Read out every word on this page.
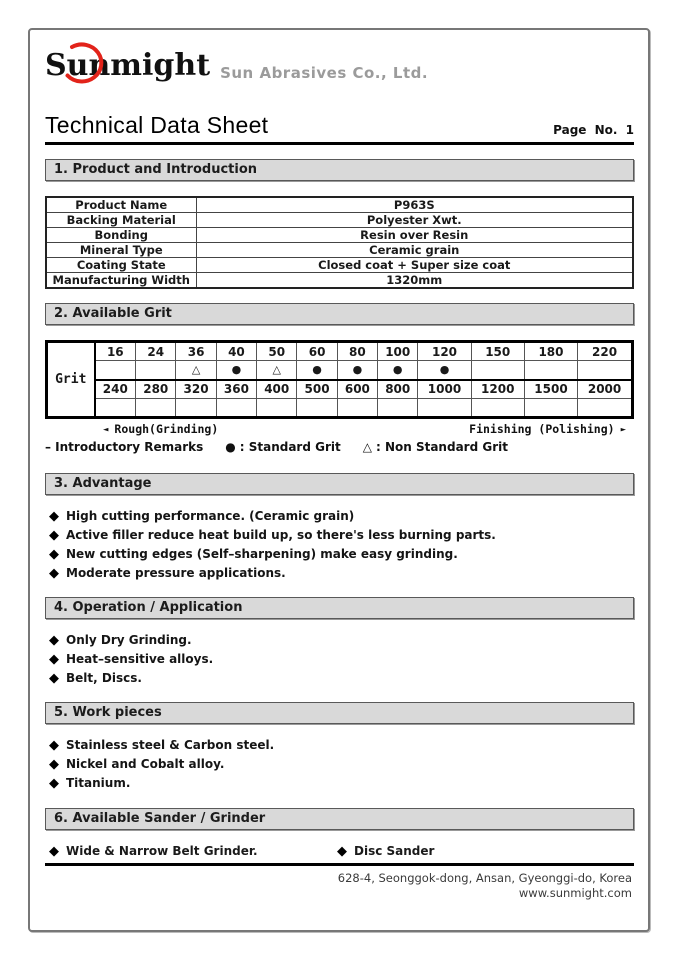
Sunmight Sun Abrasives Co., Ltd.
Technical Data Sheet	Page No. 1
1. Product and Introduction
Product Name	P963S
Backing Material	Polyester Xwt.
Bonding	Resin over Resin
Mineral Type	Ceramic grain
Coating State	Closed coat + Super size coat
Manufacturing Width	1320mm
2. Available Grit
Grit	16	24	36	40	50	60	80	100	120	150	180	220
			△	●	△	●	●	●	●			
	240	280	320	360	400	500	600	800	1000	1200	1500	2000

◄ Rough(Grinding)	Finishing (Polishing) ►
– Introductory Remarks ● : Standard Grit △ : Non Standard Grit
3. Advantage
◆ High cutting performance. (Ceramic grain)
◆ Active filler reduce heat build up, so there's less burning parts.
◆ New cutting edges (Self–sharpening) make easy grinding.
◆ Moderate pressure applications.
4. Operation / Application
◆ Only Dry Grinding.
◆ Heat–sensitive alloys.
◆ Belt, Discs.
5. Work pieces
◆ Stainless steel & Carbon steel.
◆ Nickel and Cobalt alloy.
◆ Titanium.
6. Available Sander / Grinder
◆ Wide & Narrow Belt Grinder.	◆ Disc Sander
628-4, Seonggok-dong, Ansan, Gyeonggi-do, Korea
www.sunmight.com
